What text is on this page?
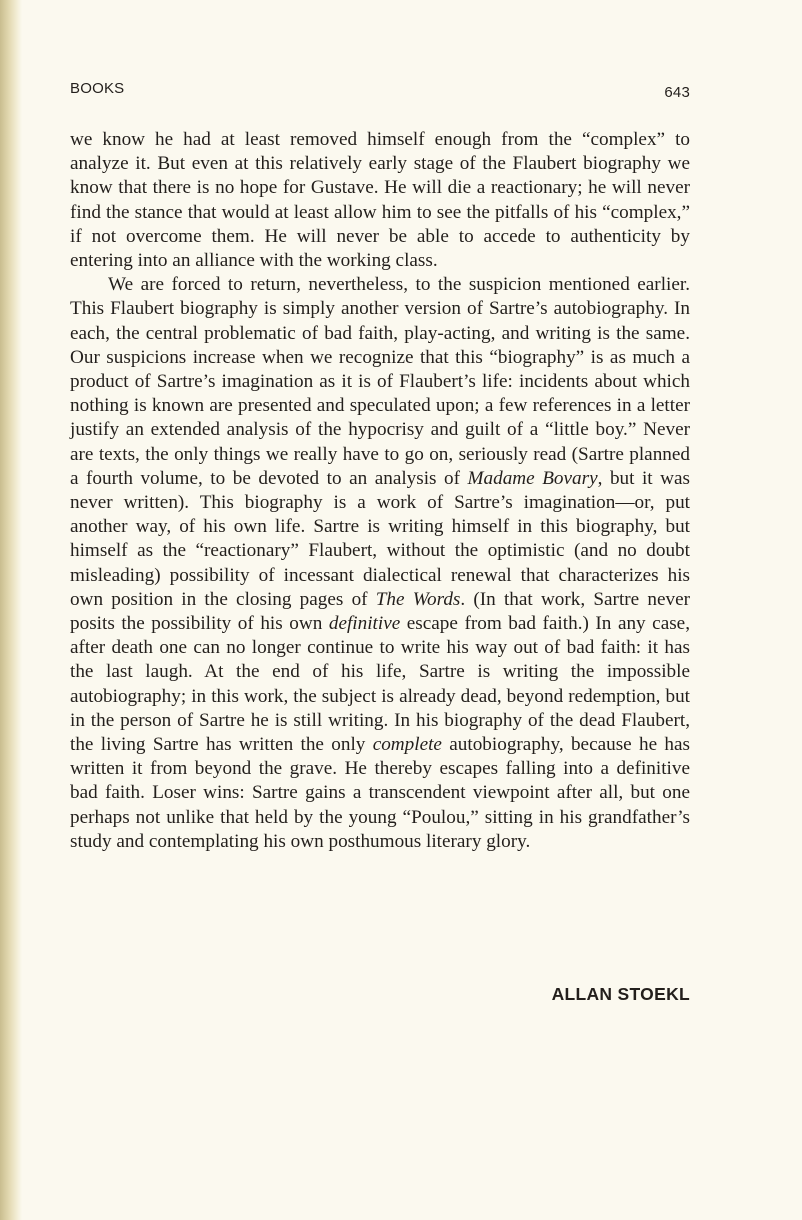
BOOKS	643

we know he had at least removed himself enough from the “complex” to analyze it. But even at this relatively early stage of the Flaubert biography we know that there is no hope for Gustave. He will die a reactionary; he will never find the stance that would at least allow him to see the pitfalls of his “complex,” if not overcome them. He will never be able to accede to authenticity by entering into an alliance with the working class.

We are forced to return, nevertheless, to the suspicion mentioned earlier. This Flaubert biography is simply another version of Sartre’s autobiography. In each, the central problematic of bad faith, play-acting, and writing is the same. Our suspicions increase when we recognize that this “biography” is as much a product of Sartre’s imagination as it is of Flaubert’s life: incidents about which nothing is known are presented and speculated upon; a few references in a letter justify an extended analysis of the hypocrisy and guilt of a “little boy.” Never are texts, the only things we really have to go on, seriously read (Sartre planned a fourth volume, to be devoted to an analysis of Madame Bovary, but it was never written). This biography is a work of Sartre’s imagination—or, put another way, of his own life. Sartre is writing himself in this biography, but himself as the “reactionary” Flaubert, without the optimistic (and no doubt misleading) possibility of incessant dialectical renewal that characterizes his own position in the closing pages of The Words. (In that work, Sartre never posits the possibility of his own definitive escape from bad faith.) In any case, after death one can no longer continue to write his way out of bad faith: it has the last laugh. At the end of his life, Sartre is writing the impossible autobiography; in this work, the subject is already dead, beyond redemption, but in the person of Sartre he is still writing. In his biography of the dead Flaubert, the living Sartre has written the only complete autobiography, because he has written it from beyond the grave. He thereby escapes falling into a definitive bad faith. Loser wins: Sartre gains a transcendent viewpoint after all, but one perhaps not unlike that held by the young “Poulou,” sitting in his grandfather’s study and contemplating his own posthumous literary glory.

ALLAN STOEKL
